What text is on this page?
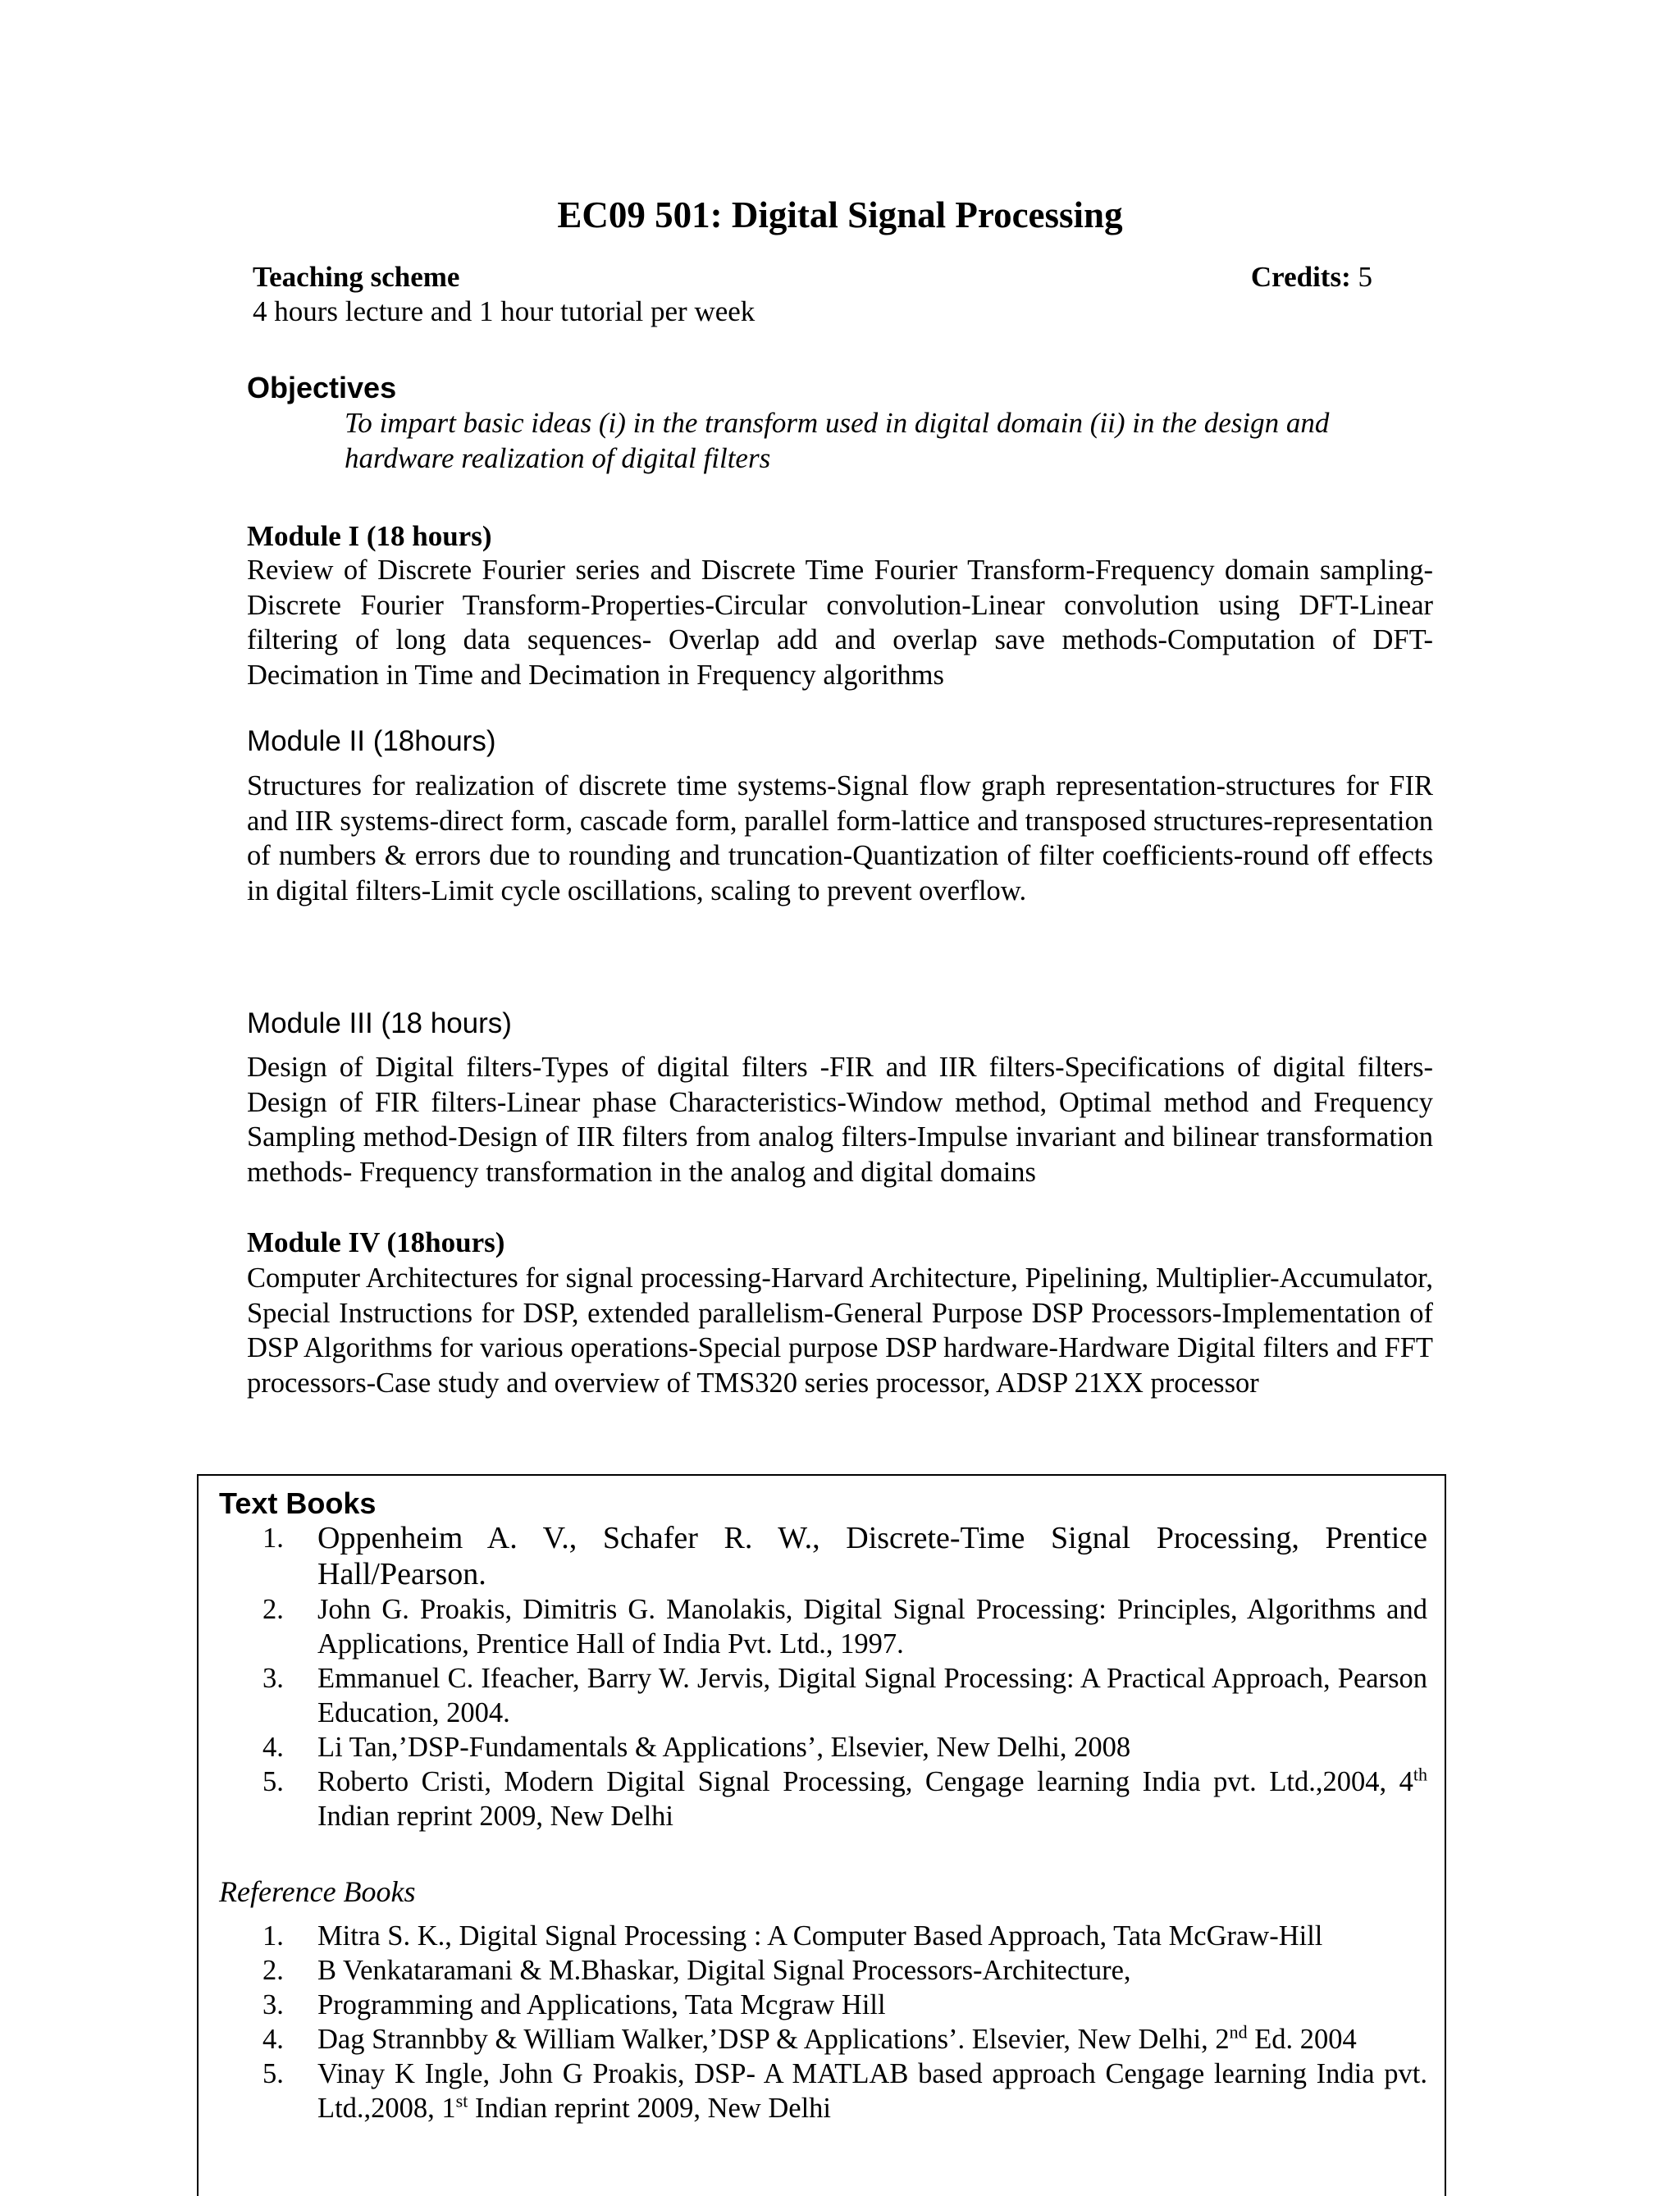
EC09 501: Digital Signal Processing
Teaching scheme	Credits: 5
4 hours lecture and 1 hour tutorial per week
Objectives
To impart basic ideas (i) in the transform used in digital domain (ii) in the design and hardware realization of digital filters
Module I (18 hours)
Review of Discrete Fourier series and Discrete Time Fourier Transform-Frequency domain sampling- Discrete Fourier Transform-Properties-Circular convolution-Linear convolution using DFT-Linear filtering of long data sequences- Overlap add and overlap save methods-Computation of DFT-Decimation in Time and Decimation in Frequency algorithms
Module II (18hours)
Structures for realization of discrete time systems-Signal flow graph representation-structures for FIR and IIR systems-direct form, cascade form, parallel form-lattice and transposed structures-representation of numbers & errors due to rounding and truncation-Quantization of filter coefficients-round off effects in digital filters-Limit cycle oscillations, scaling to prevent overflow.
Module III (18 hours)
Design of Digital filters-Types of digital filters -FIR and IIR filters-Specifications of digital filters-Design of FIR filters-Linear phase Characteristics-Window method, Optimal method and Frequency Sampling method-Design of IIR filters from analog filters-Impulse invariant and bilinear transformation methods- Frequency transformation in the analog and digital domains
Module IV (18hours)
Computer Architectures for signal processing-Harvard Architecture, Pipelining, Multiplier-Accumulator, Special Instructions for DSP, extended parallelism-General Purpose DSP Processors-Implementation of DSP Algorithms for various operations-Special purpose DSP hardware-Hardware Digital filters and FFT processors-Case study and overview of TMS320 series processor, ADSP 21XX processor
Text Books
1. Oppenheim A. V., Schafer R. W., Discrete-Time Signal Processing, Prentice Hall/Pearson.
2. John G. Proakis, Dimitris G. Manolakis, Digital Signal Processing: Principles, Algorithms and Applications, Prentice Hall of India Pvt. Ltd., 1997.
3. Emmanuel C. Ifeacher, Barry W. Jervis, Digital Signal Processing: A Practical Approach, Pearson Education, 2004.
4. Li Tan,’DSP-Fundamentals & Applications’, Elsevier, New Delhi, 2008
5. Roberto Cristi, Modern Digital Signal Processing, Cengage learning India pvt. Ltd.,2004, 4th Indian reprint 2009, New Delhi
Reference Books
1. Mitra S. K., Digital Signal Processing : A Computer Based Approach, Tata McGraw-Hill
2. B Venkataramani & M.Bhaskar, Digital Signal Processors-Architecture,
3. Programming and Applications, Tata Mcgraw Hill
4. Dag Strannbby & William Walker,’DSP & Applications’. Elsevier, New Delhi, 2nd Ed. 2004
5. Vinay K Ingle, John G Proakis, DSP- A MATLAB based approach Cengage learning India pvt. Ltd.,2008, 1st Indian reprint 2009, New Delhi
